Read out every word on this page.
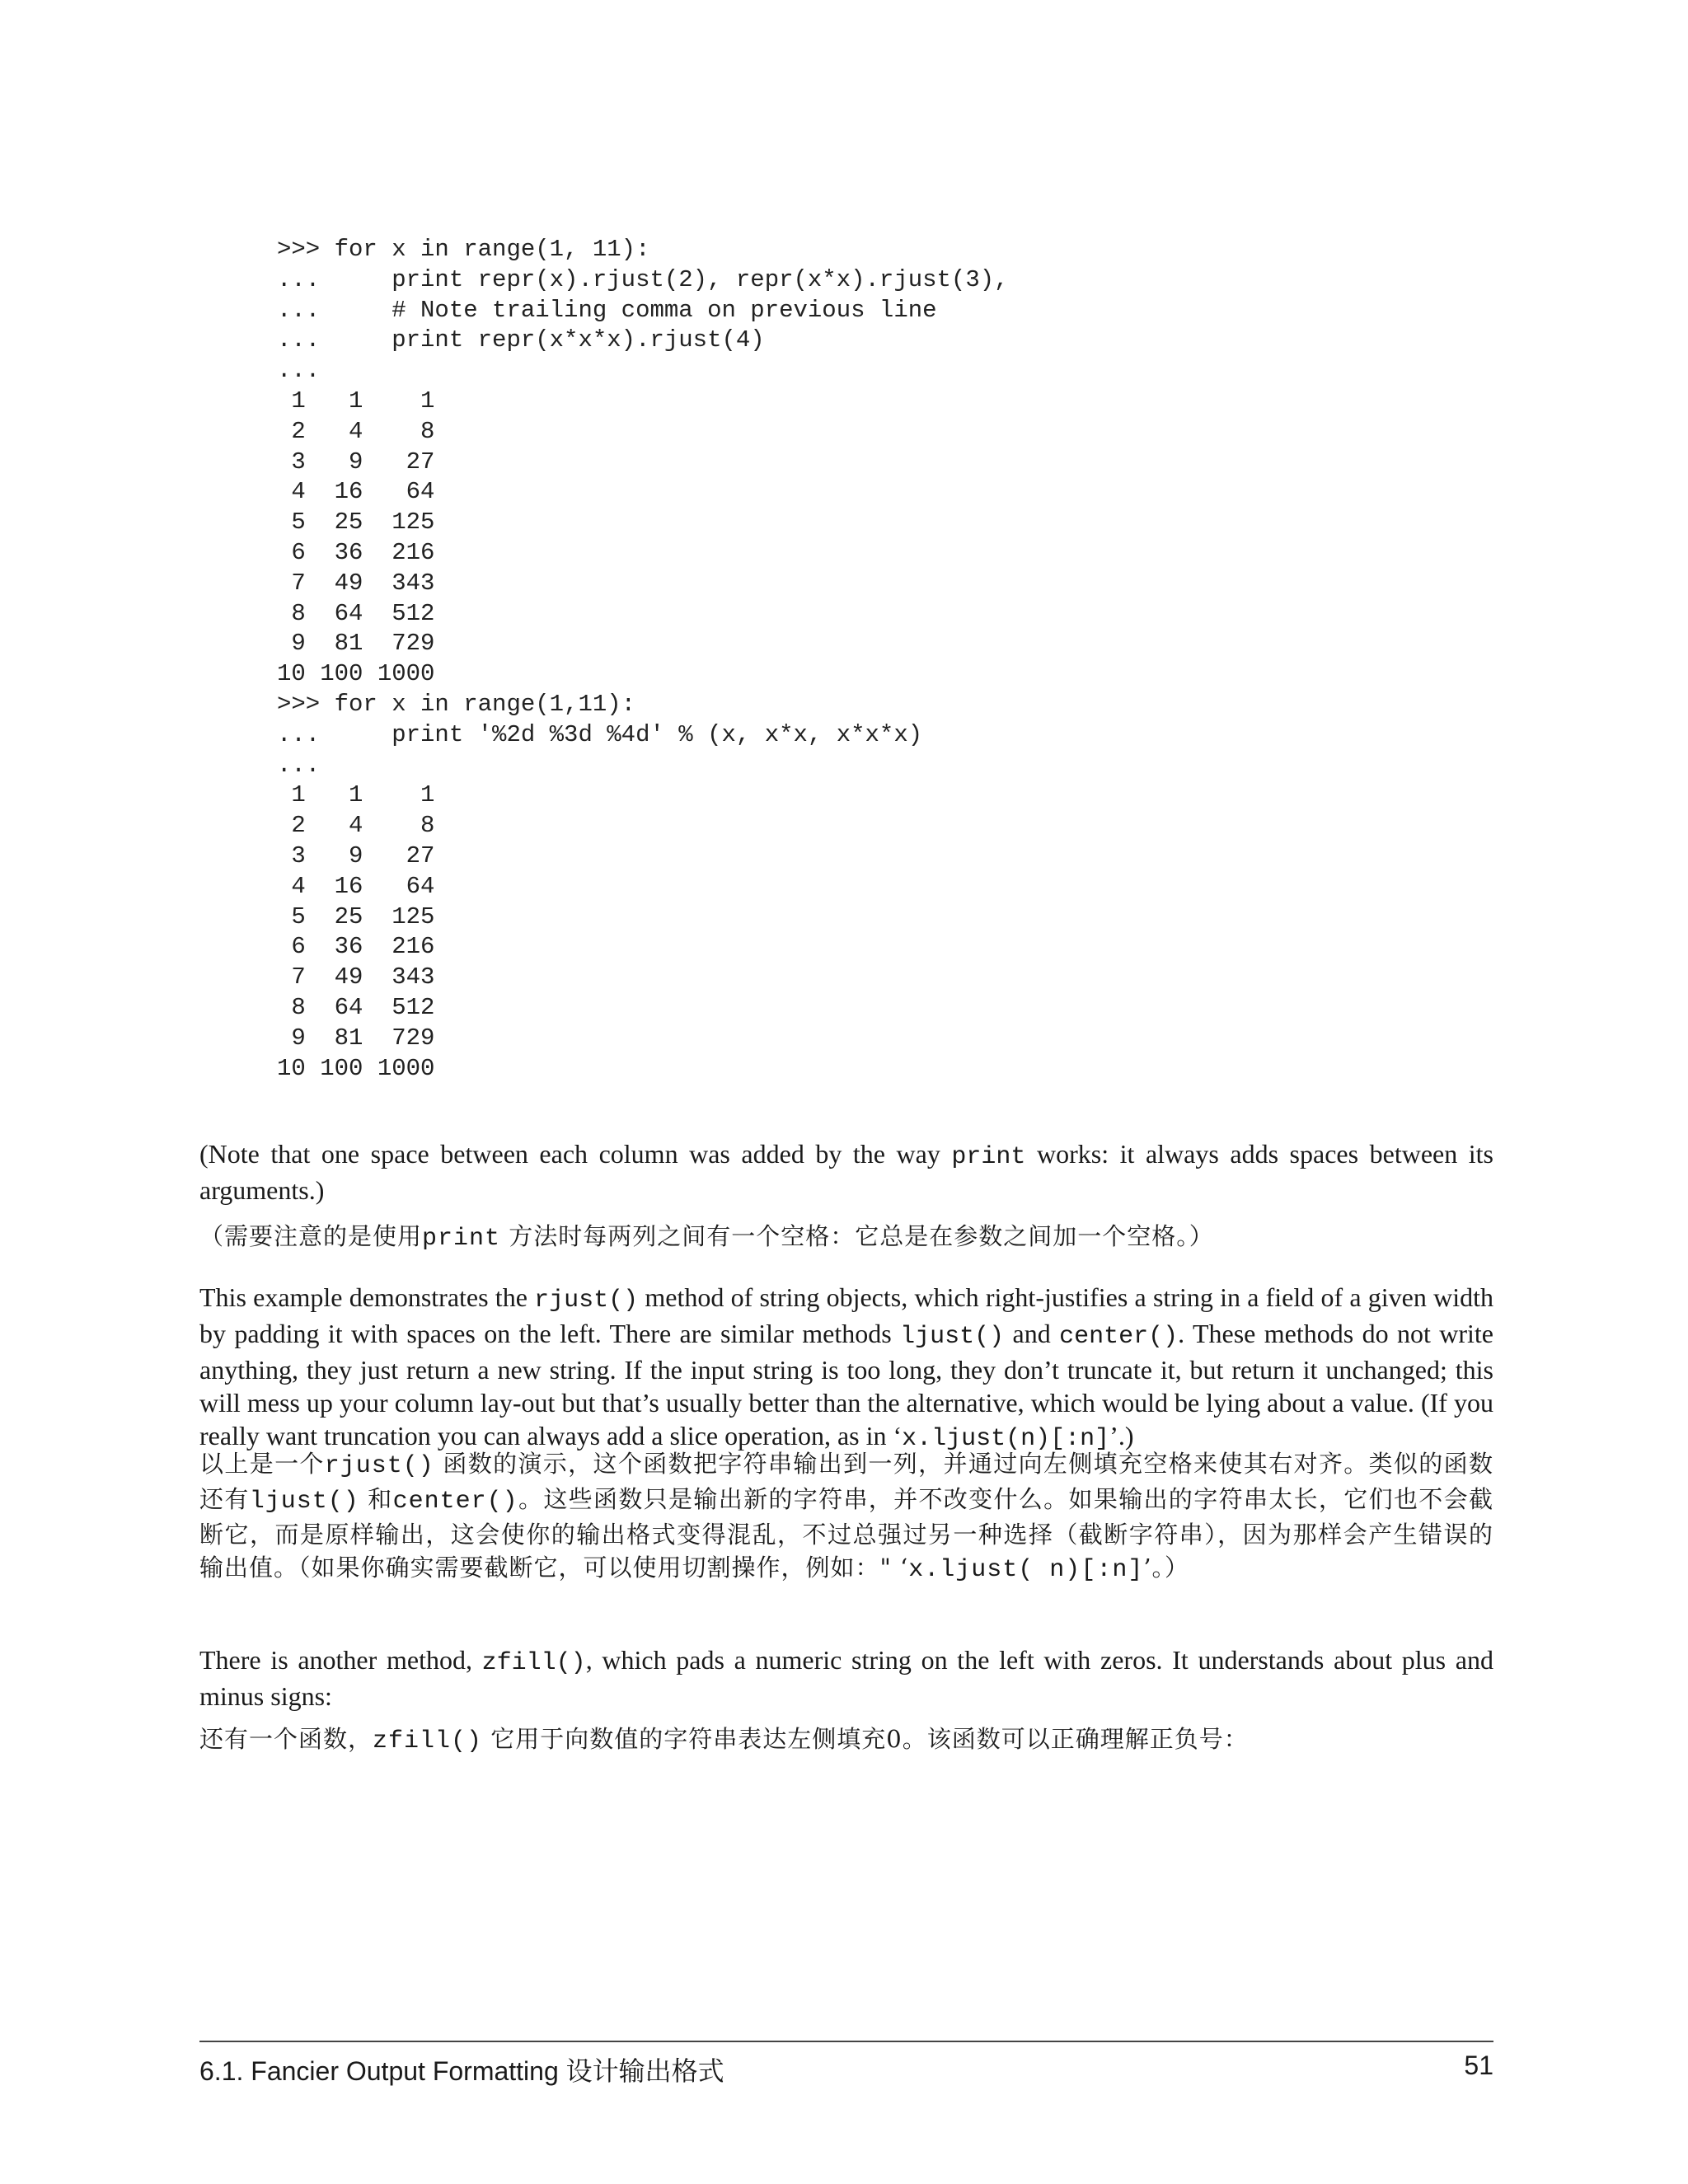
>>> for x in range(1, 11):
...     print repr(x).rjust(2), repr(x*x).rjust(3),
...     # Note trailing comma on previous line
...     print repr(x*x*x).rjust(4)
...
1   1    1
2   4    8
3   9   27
4  16   64
5  25  125
6  36  216
7  49  343
8  64  512
9  81  729
10 100 1000
>>> for x in range(1,11):
...     print '%2d %3d %4d' % (x, x*x, x*x*x)
...
1   1    1
2   4    8
3   9   27
4  16   64
5  25  125
6  36  216
7  49  343
8  64  512
9  81  729
10 100 1000

(Note that one space between each column was added by the way print works: it always adds spaces between its arguments.)

（需要注意的是使用print 方法时每两列之间有一个空格：它总是在参数之间加一个空格。）

This example demonstrates the rjust() method of string objects, which right-justifies a string in a field of a given width by padding it with spaces on the left. There are similar methods ljust() and center(). These methods do not write anything, they just return a new string. If the input string is too long, they don’t truncate it, but return it unchanged; this will mess up your column lay-out but that’s usually better than the alternative, which would be lying about a value. (If you really want truncation you can always add a slice operation, as in ‘x.ljust(n)[:n]’.)

以上是一个rjust() 函数的演示，这个函数把字符串输出到一列，并通过向左侧填充空格来使其右对齐。类似的函数还有ljust() 和center()。这些函数只是输出新的字符串，并不改变什么。如果输出的字符串太长，它们也不会截断它，而是原样输出，这会使你的输出格式变得混乱，不过总强过另一种选择（截断字符串），因为那样会产生错误的输出值。（如果你确实需要截断它，可以使用切割操作，例如：" ‘x.ljust( n)[:n]’。）

There is another method, zfill(), which pads a numeric string on the left with zeros. It understands about plus and minus signs:

还有一个函数，zfill() 它用于向数值的字符串表达左侧填充0。该函数可以正确理解正负号：

6.1. Fancier Output Formatting 设计输出格式	51
